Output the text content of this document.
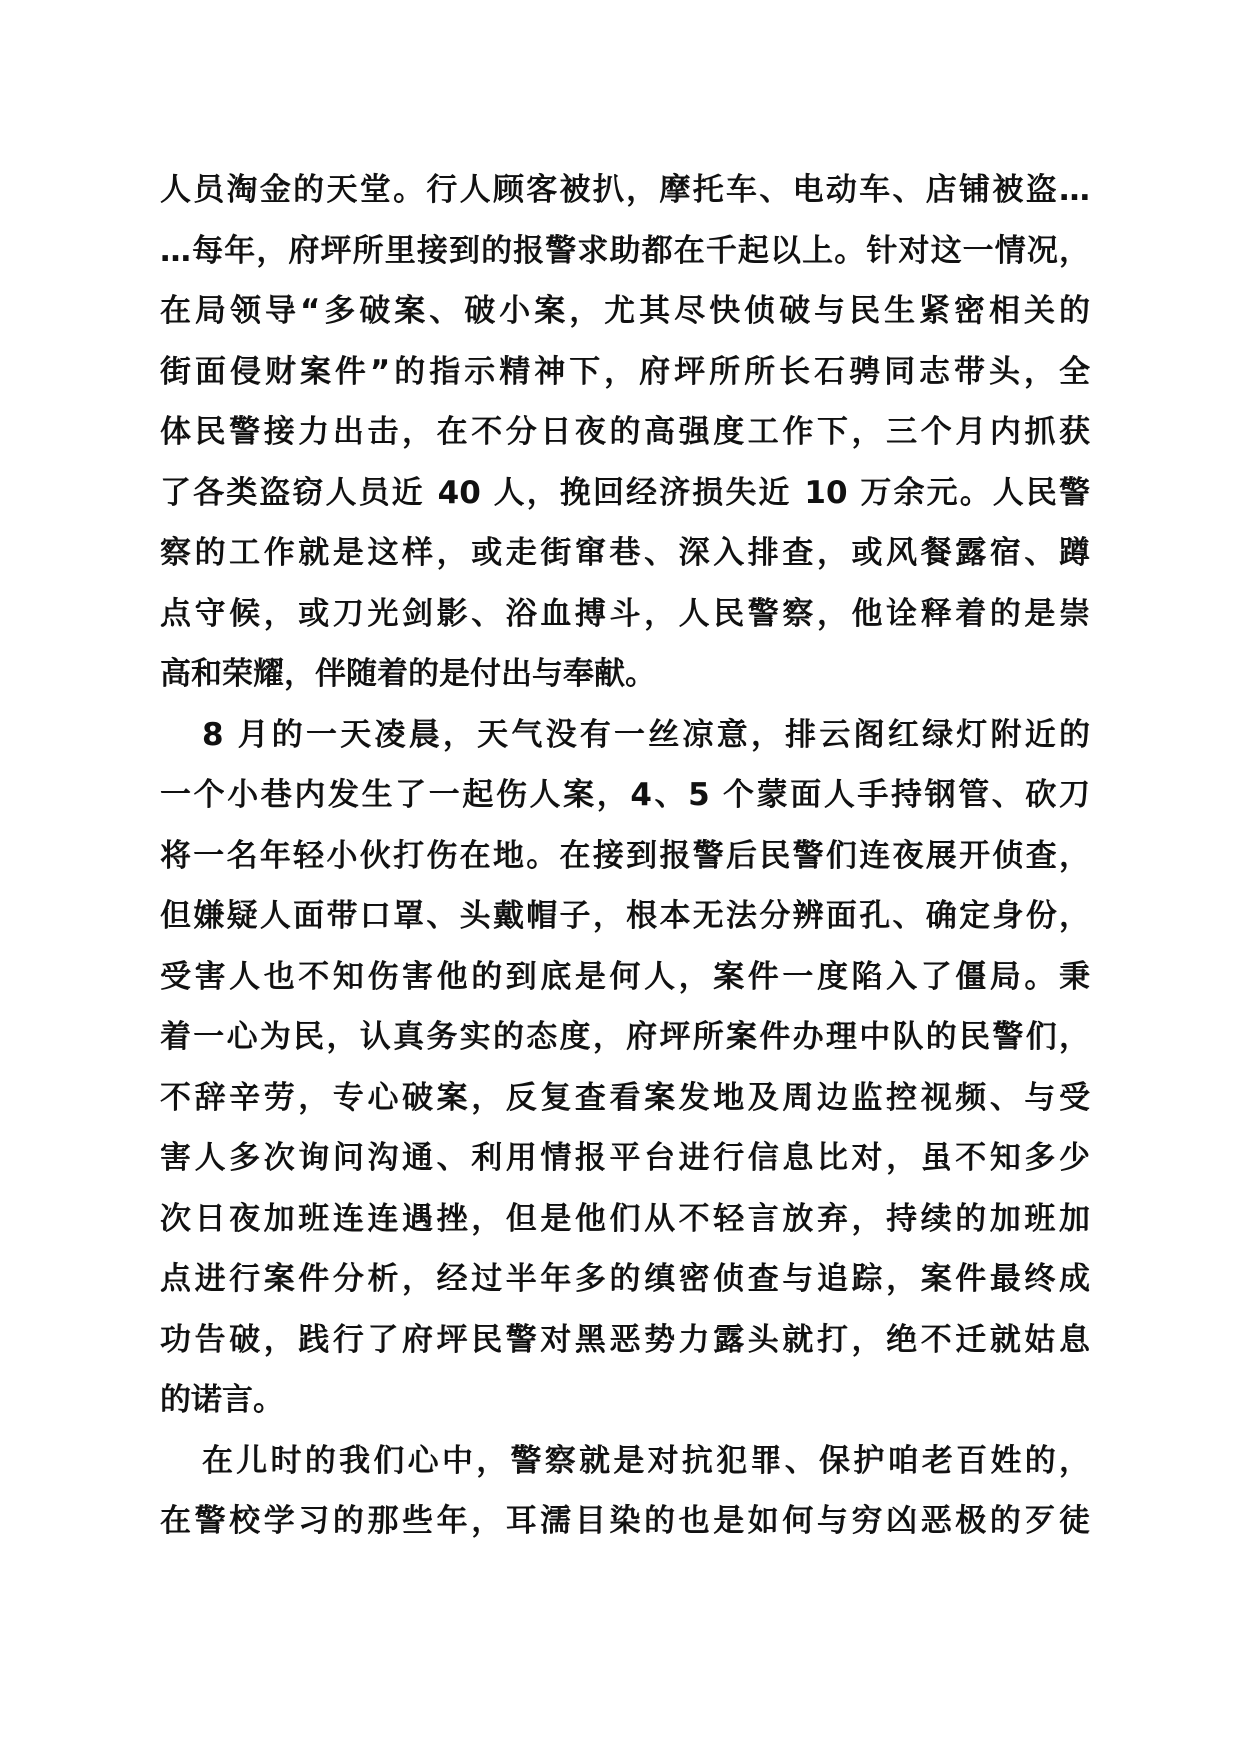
人员淘金的天堂。行人顾客被扒，摩托车、电动车、店铺被盗…
…每年，府坪所里接到的报警求助都在千起以上。针对这一情况，
在局领导“多破案、破小案，尤其尽快侦破与民生紧密相关的
街面侵财案件”的指示精神下，府坪所所长石骋同志带头，全
体民警接力出击，在不分日夜的高强度工作下，三个月内抓获
了各类盗窃人员近 40 人，挽回经济损失近 10 万余元。人民警
察的工作就是这样，或走街窜巷、深入排查，或风餐露宿、蹲
点守候，或刀光剑影、浴血搏斗，人民警察，他诠释着的是崇
高和荣耀，伴随着的是付出与奉献。
8 月的一天凌晨，天气没有一丝凉意，排云阁红绿灯附近的
一个小巷内发生了一起伤人案，4、5 个蒙面人手持钢管、砍刀
将一名年轻小伙打伤在地。在接到报警后民警们连夜展开侦查，
但嫌疑人面带口罩、头戴帽子，根本无法分辨面孔、确定身份，
受害人也不知伤害他的到底是何人，案件一度陷入了僵局。秉
着一心为民，认真务实的态度，府坪所案件办理中队的民警们，
不辞辛劳，专心破案，反复查看案发地及周边监控视频、与受
害人多次询问沟通、利用情报平台进行信息比对，虽不知多少
次日夜加班连连遇挫，但是他们从不轻言放弃，持续的加班加
点进行案件分析，经过半年多的缜密侦查与追踪，案件最终成
功告破，践行了府坪民警对黑恶势力露头就打，绝不迁就姑息
的诺言。
在儿时的我们心中，警察就是对抗犯罪、保护咱老百姓的，
在警校学习的那些年，耳濡目染的也是如何与穷凶恶极的歹徒
